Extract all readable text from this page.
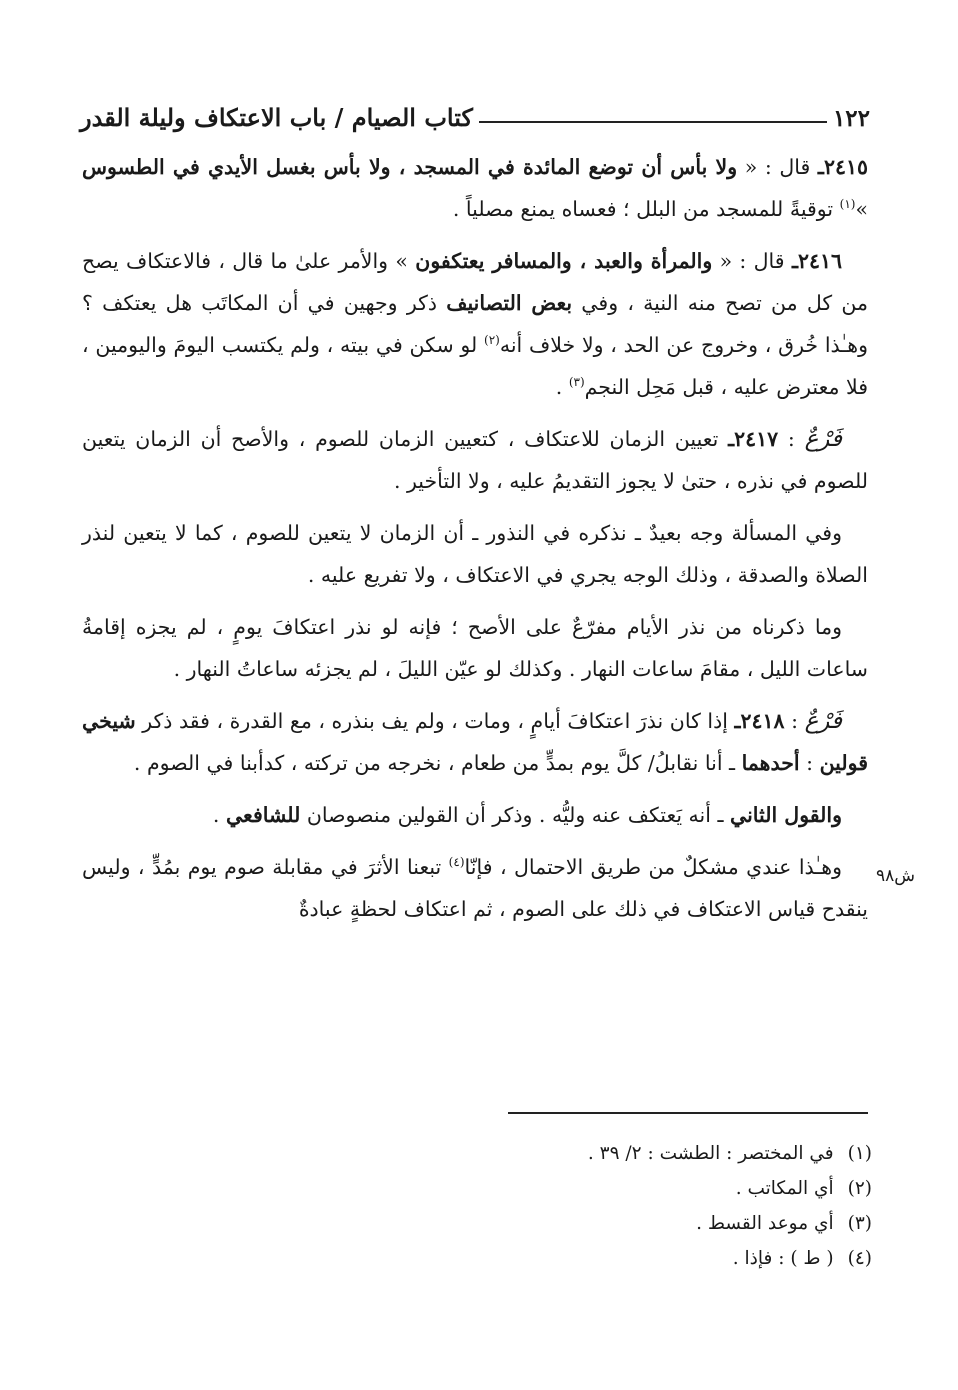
١٢٢
كتاب الصيام / باب الاعتكاف وليلة القدر

٢٤١٥ـ قال : « ولا بأس أن توضع المائدة في المسجد ، ولا بأس بغسل الأيدي في الطسوس »$^{(١)}$ توقيةً للمسجد من البلل ؛ فعساه يمنع مصلياً .

٢٤١٦ـ قال : « والمرأة والعبد ، والمسافر يعتكفون » والأمر علىٰ ما قال ، فالاعتكاف يصح من كل من تصح منه النية ، وفي بعض التصانيف ذكر وجهين في أن المكاتَب هل يعتكف ؟ وهـٰذا خُرق ، وخروج عن الحد ، ولا خلاف أنه$^{(٢)}$ لو سكن في بيته ، ولم يكتسب اليومَ واليومين ، فلا معترض عليه ، قبل مَحِل النجم$^{(٣)}$ .

فَرْعٌ : ٢٤١٧ـ تعيين الزمان للاعتكاف ، كتعيين الزمان للصوم ، والأصح أن الزمان يتعين للصوم في نذره ، حتىٰ لا يجوز التقديمُ عليه ، ولا التأخير .

وفي المسألة وجه بعيدٌ ـ نذكره في النذور ـ أن الزمان لا يتعين للصوم ، كما لا يتعين لنذر الصلاة والصدقة ، وذلك الوجه يجري في الاعتكاف ، ولا تفريع عليه .

وما ذكرناه من نذر الأيام مفرّعٌ على الأصح ؛ فإنه لو نذر اعتكافَ يومٍ ، لم يجزه إقامةُ ساعات الليل ، مقامَ ساعات النهار . وكذلك لو عيّن الليلَ ، لم يجزئه ساعاتُ النهار .

فَرْعٌ : ٢٤١٨ـ إذا كان نذرَ اعتكافَ أيامٍ ، ومات ، ولم يف بنذره ، مع القدرة ، فقد ذكر شيخي قولين : أحدهما ـ أنا نقابلُ/ كلَّ يوم بمدٍّ من طعام ، نخرجه من تركته ، كدأبنا في الصوم .

والقول الثاني ـ أنه يَعتكف عنه وليُّه . وذكر أن القولين منصوصان للشافعي .

وهـٰذا عندي مشكلٌ من طريق الاحتمال ، فإنّا$^{(٤)}$ تبعنا الأثرَ في مقابلة صوم يوم بمُدٍّ ، وليس ينقدح قياس الاعتكاف في ذلك على الصوم ، ثم اعتكاف لحظةٍ عبادةٌ

ش٩٨
(١)في المختصر : الطشت : ٢/ ٣٩ .
(٢)أي المكاتب .
(٣)أي موعد القسط .
(٤)( ط ) : فإذا .
